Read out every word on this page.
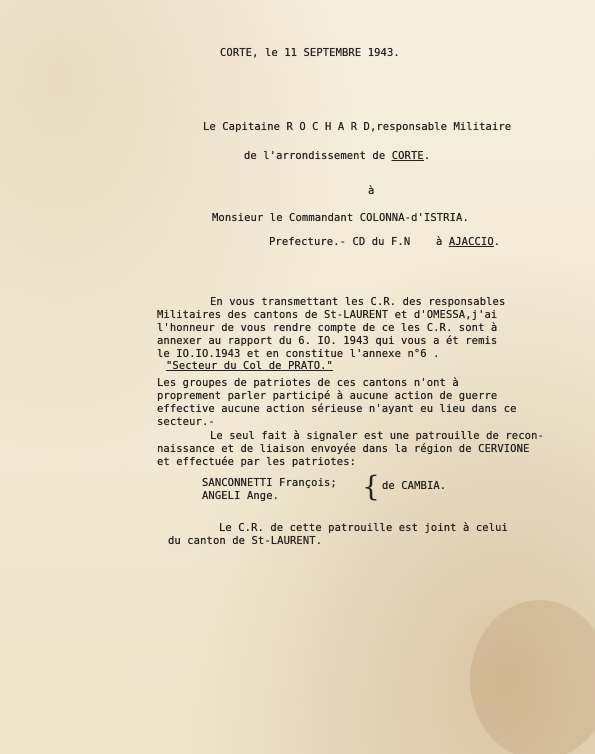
CORTE, le 11 SEPTEMBRE 1943.
Le Capitaine R O C H A R D,responsable Militaire
de l'arrondissement de CORTE.
à
Monsieur le Commandant COLONNA-d'ISTRIA.
Prefecture.- CD du F.N    à AJACCIO.
En vous transmettant les C.R. des responsables
Militaires des cantons de St-LAURENT et d'OMESSA,j'ai
l'honneur de vous rendre compte de ce les C.R. sont à
annexer au rapport du 6. IO. 1943 qui vous a ét remis
le IO.IO.1943 et en constitue l'annexe n°6 .
"Secteur du Col de PRATO."
Les groupes de patriotes de ces cantons n'ont à
proprement parler participé à aucune action de guerre
effective aucune action sérieuse n'ayant eu lieu dans ce
secteur.-
Le seul fait à signaler est une patrouille de recon-
naissance et de liaison envoyée dans la région de CERVIONE
et effectuée par les patriotes:
SANCONNETTI François;
ANGELI Ange.	{ de CAMBIA.
Le C.R. de cette patrouille est joint à celui
du canton de St-LAURENT.
